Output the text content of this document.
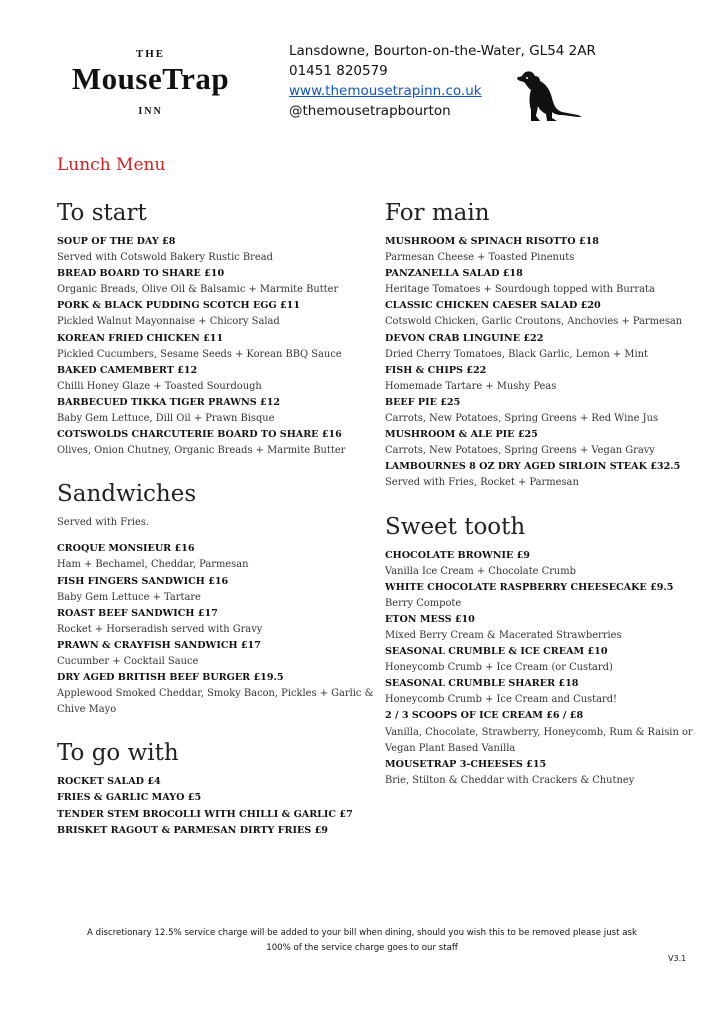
THE
MouseTrap
INN
Lansdowne, Bourton-on-the-Water, GL54 2AR
01451 820579
www.themousetrapinn.co.uk
@themousetrapbourton
Lunch Menu
To start
SOUP OF THE DAY £8
Served with Cotswold Bakery Rustic Bread
BREAD BOARD TO SHARE £10
Organic Breads, Olive Oil & Balsamic + Marmite Butter
PORK & BLACK PUDDING SCOTCH EGG £11
Pickled Walnut Mayonnaise + Chicory Salad
KOREAN FRIED CHICKEN £11
Pickled Cucumbers, Sesame Seeds + Korean BBQ Sauce
BAKED CAMEMBERT £12
Chilli Honey Glaze + Toasted Sourdough
BARBECUED TIKKA TIGER PRAWNS £12
Baby Gem Lettuce, Dill Oil + Prawn Bisque
COTSWOLDS CHARCUTERIE BOARD TO SHARE £16
Olives, Onion Chutney, Organic Breads + Marmite Butter
Sandwiches
Served with Fries.
CROQUE MONSIEUR £16
Ham + Bechamel, Cheddar, Parmesan
FISH FINGERS SANDWICH £16
Baby Gem Lettuce + Tartare
ROAST BEEF SANDWICH £17
Rocket + Horseradish served with Gravy
PRAWN & CRAYFISH SANDWICH £17
Cucumber + Cocktail Sauce
DRY AGED BRITISH BEEF BURGER £19.5
Applewood Smoked Cheddar, Smoky Bacon, Pickles + Garlic & Chive Mayo
To go with
ROCKET SALAD £4
FRIES & GARLIC MAYO £5
TENDER STEM BROCOLLI WITH CHILLI & GARLIC £7
BRISKET RAGOUT & PARMESAN DIRTY FRIES £9
For main
MUSHROOM & SPINACH RISOTTO £18
Parmesan Cheese + Toasted Pinenuts
PANZANELLA SALAD £18
Heritage Tomatoes + Sourdough topped with Burrata
CLASSIC CHICKEN CAESER SALAD £20
Cotswold Chicken, Garlic Croutons, Anchovies + Parmesan
DEVON CRAB LINGUINE £22
Dried Cherry Tomatoes, Black Garlic, Lemon + Mint
FISH & CHIPS £22
Homemade Tartare + Mushy Peas
BEEF PIE £25
Carrots, New Potatoes, Spring Greens + Red Wine Jus
MUSHROOM & ALE PIE £25
Carrots, New Potatoes, Spring Greens + Vegan Gravy
LAMBOURNES 8 OZ DRY AGED SIRLOIN STEAK £32.5
Served with Fries, Rocket + Parmesan
Sweet tooth
CHOCOLATE BROWNIE £9
Vanilla Ice Cream + Chocolate Crumb
WHITE CHOCOLATE RASPBERRY CHEESECAKE £9.5
Berry Compote
ETON MESS £10
Mixed Berry Cream & Macerated Strawberries
SEASONAL CRUMBLE & ICE CREAM £10
Honeycomb Crumb + Ice Cream (or Custard)
SEASONAL CRUMBLE SHARER £18
Honeycomb Crumb + Ice Cream and Custard!
2 / 3 SCOOPS OF ICE CREAM £6 / £8
Vanilla, Chocolate, Strawberry, Honeycomb, Rum & Raisin or Vegan Plant Based Vanilla
MOUSETRAP 3-CHEESES £15
Brie, Stilton & Cheddar with Crackers & Chutney
A discretionary 12.5% service charge will be added to your bill when dining, should you wish this to be removed please just ask
100% of the service charge goes to our staff
V3.1
